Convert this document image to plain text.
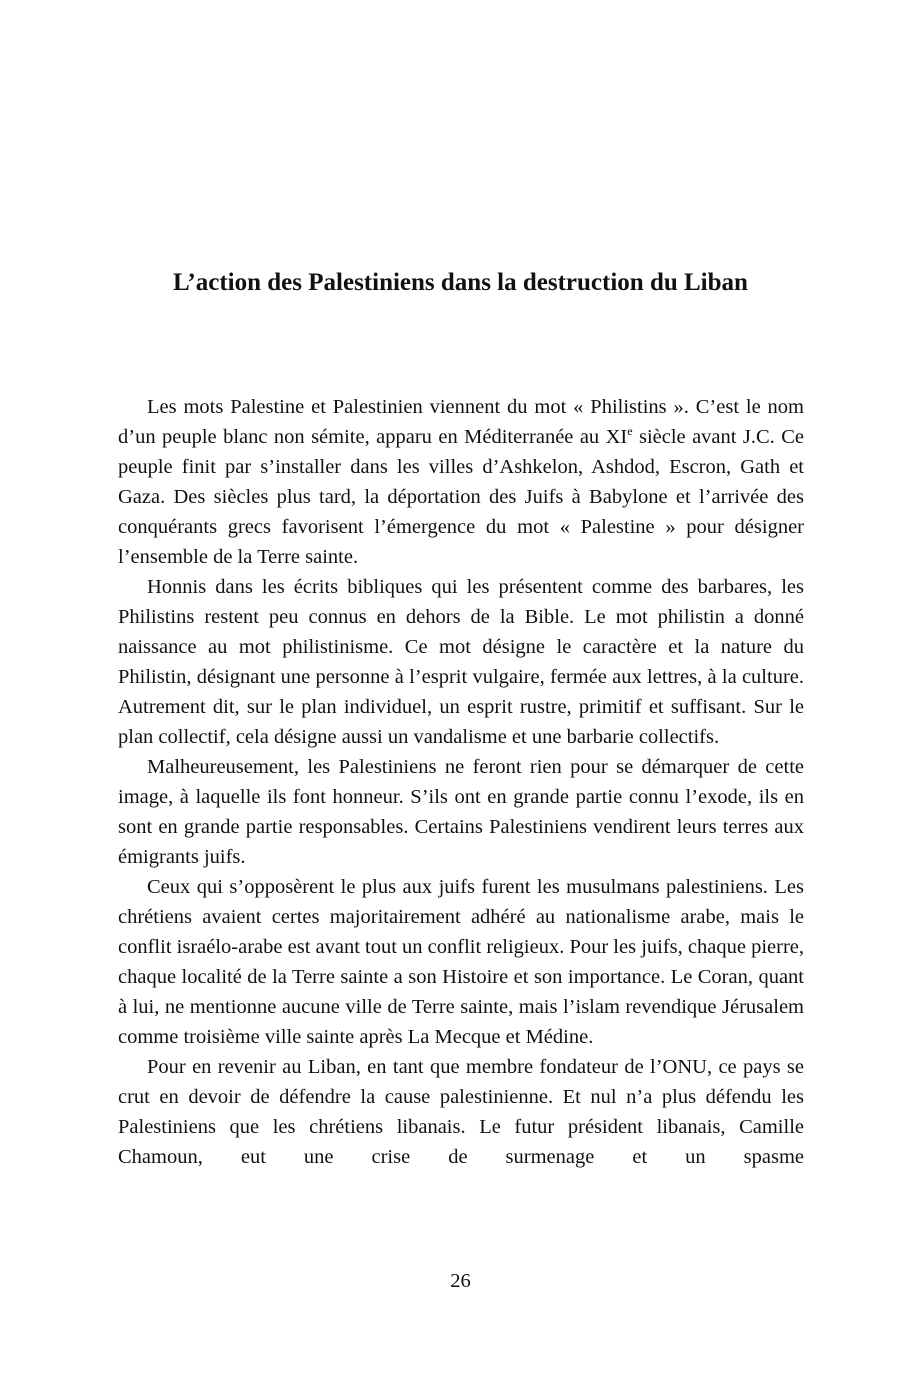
L’action des Palestiniens dans la destruction du Liban

Les mots Palestine et Palestinien viennent du mot « Philistins ». C’est le nom d’un peuple blanc non sémite, apparu en Méditerranée au XIe siècle avant J.C. Ce peuple finit par s’installer dans les villes d’Ashkelon, Ashdod, Escron, Gath et Gaza. Des siècles plus tard, la déportation des Juifs à Babylone et l’arrivée des conquérants grecs favorisent l’émergence du mot « Palestine » pour désigner l’ensemble de la Terre sainte.

Honnis dans les écrits bibliques qui les présentent comme des barbares, les Philistins restent peu connus en dehors de la Bible. Le mot philistin a donné naissance au mot philistinisme. Ce mot désigne le caractère et la nature du Philistin, désignant une personne à l’esprit vulgaire, fermée aux lettres, à la culture. Autrement dit, sur le plan individuel, un esprit rustre, primitif et suffisant. Sur le plan collectif, cela désigne aussi un vandalisme et une barbarie collectifs.

Malheureusement, les Palestiniens ne feront rien pour se démarquer de cette image, à laquelle ils font honneur. S’ils ont en grande partie connu l’exode, ils en sont en grande partie responsables. Certains Palestiniens vendirent leurs terres aux émigrants juifs.

Ceux qui s’opposèrent le plus aux juifs furent les musulmans palestiniens. Les chrétiens avaient certes majoritairement adhéré au nationalisme arabe, mais le conflit israélo-arabe est avant tout un conflit religieux. Pour les juifs, chaque pierre, chaque localité de la Terre sainte a son Histoire et son importance. Le Coran, quant à lui, ne mentionne aucune ville de Terre sainte, mais l’islam revendique Jérusalem comme troisième ville sainte après La Mecque et Médine.

Pour en revenir au Liban, en tant que membre fondateur de l’ONU, ce pays se crut en devoir de défendre la cause palestinienne. Et nul n’a plus défendu les Palestiniens que les chrétiens libanais. Le futur président libanais, Camille Chamoun, eut une crise de surmenage et un spasme

26
